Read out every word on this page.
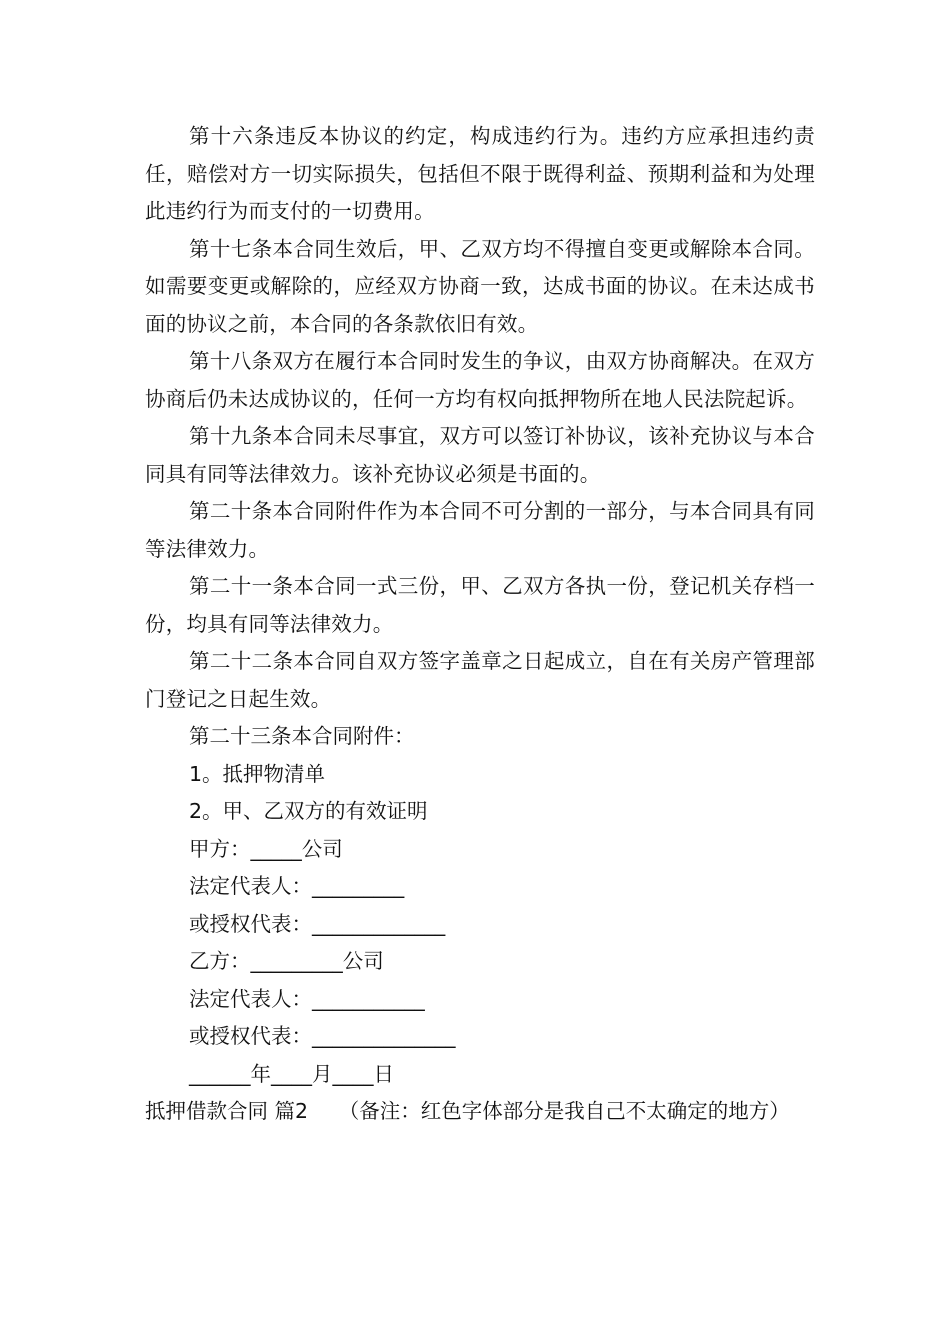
第十六条违反本协议的约定，构成违约行为。违约方应承担违约责任，赔偿对方一切实际损失，包括但不限于既得利益、预期利益和为处理此违约行为而支付的一切费用。

第十七条本合同生效后，甲、乙双方均不得擅自变更或解除本合同。如需要变更或解除的，应经双方协商一致，达成书面的协议。在未达成书面的协议之前，本合同的各条款依旧有效。

第十八条双方在履行本合同时发生的争议，由双方协商解决。在双方协商后仍未达成协议的，任何一方均有权向抵押物所在地人民法院起诉。

第十九条本合同未尽事宜，双方可以签订补协议，该补充协议与本合同具有同等法律效力。该补充协议必须是书面的。

第二十条本合同附件作为本合同不可分割的一部分，与本合同具有同等法律效力。

第二十一条本合同一式三份，甲、乙双方各执一份，登记机关存档一份，均具有同等法律效力。

第二十二条本合同自双方签字盖章之日起成立，自在有关房产管理部门登记之日起生效。

第二十三条本合同附件：

1。抵押物清单

2。甲、乙双方的有效证明

甲方：_____公司

法定代表人：_________

或授权代表：_____________

乙方：_________公司

法定代表人：___________

或授权代表：______________

______年____月____日

抵押借款合同 篇2　　（备注：红色字体部分是我自己不太确定的地方）
